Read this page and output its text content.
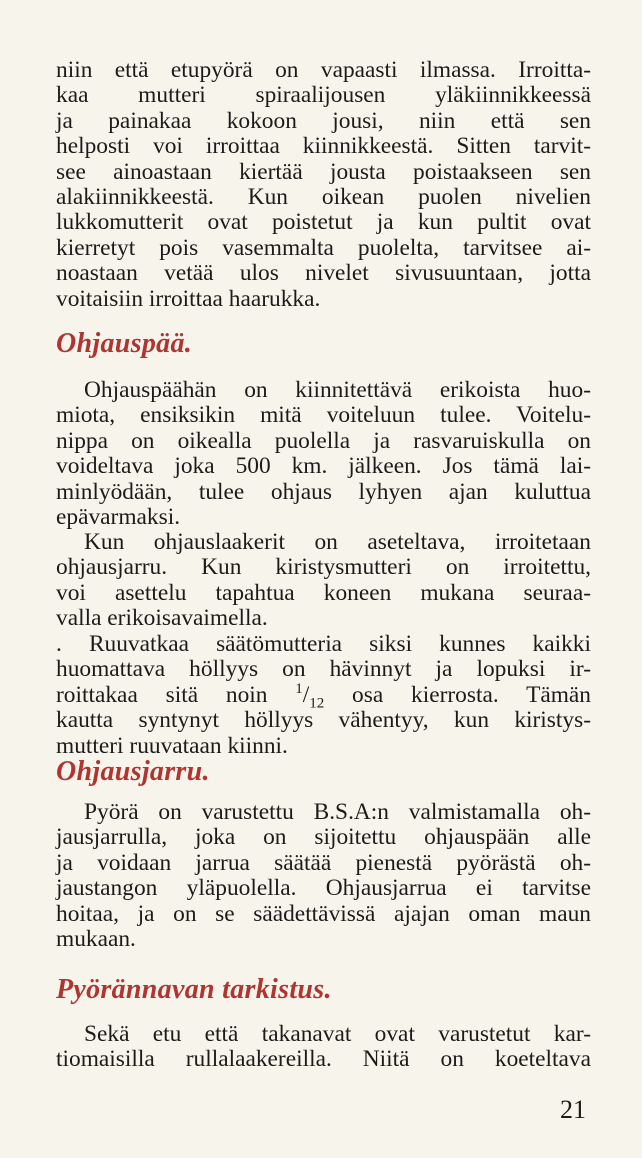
niin että etupyörä on vapaasti ilmassa. Irroitta-
kaa mutteri spiraalijousen yläkiinnikkeessä
ja painakaa kokoon jousi, niin että sen
helposti voi irroittaa kiinnikkeestä. Sitten tarvit-
see ainoastaan kiertää jousta poistaakseen sen
alakiinnikkeestä. Kun oikean puolen nivelien
lukkomutterit ovat poistetut ja kun pultit ovat
kierretyt pois vasemmalta puolelta, tarvitsee ai-
noastaan vetää ulos nivelet sivusuuntaan, jotta
voitaisiin irroittaa haarukka.

Ohjauspää.

Ohjauspäähän on kiinnitettävä erikoista huo-
miota, ensiksikin mitä voiteluun tulee. Voitelu-
nippa on oikealla puolella ja rasvaruiskulla on
voideltava joka 500 km. jälkeen. Jos tämä lai-
minlyödään, tulee ohjaus lyhyen ajan kuluttua
epävarmaksi.

Kun ohjauslaakerit on aseteltava, irroitetaan
ohjausjarru. Kun kiristysmutteri on irroitettu,
voi asettelu tapahtua koneen mukana seuraa-
valla erikoisavaimella.

. Ruuvatkaa säätömutteria siksi kunnes kaikki
huomattava höllyys on hävinnyt ja lopuksi ir-
roittakaa sitä noin $^1/_{12}$ osa kierrosta. Tämän
kautta syntynyt höllyys vähentyy, kun kiristys-
mutteri ruuvataan kiinni.

Ohjausjarru.

Pyörä on varustettu B.S.A:n valmistamalla oh-
jausjarrulla, joka on sijoitettu ohjauspään alle
ja voidaan jarrua säätää pienestä pyörästä oh-
jaustangon yläpuolella. Ohjausjarrua ei tarvitse
hoitaa, ja on se säädettävissä ajajan oman maun
mukaan.

Pyörännavan tarkistus.

Sekä etu että takanavat ovat varustetut kar-
tiomaisilla rullalaakereilla. Niitä on koeteltava

21
